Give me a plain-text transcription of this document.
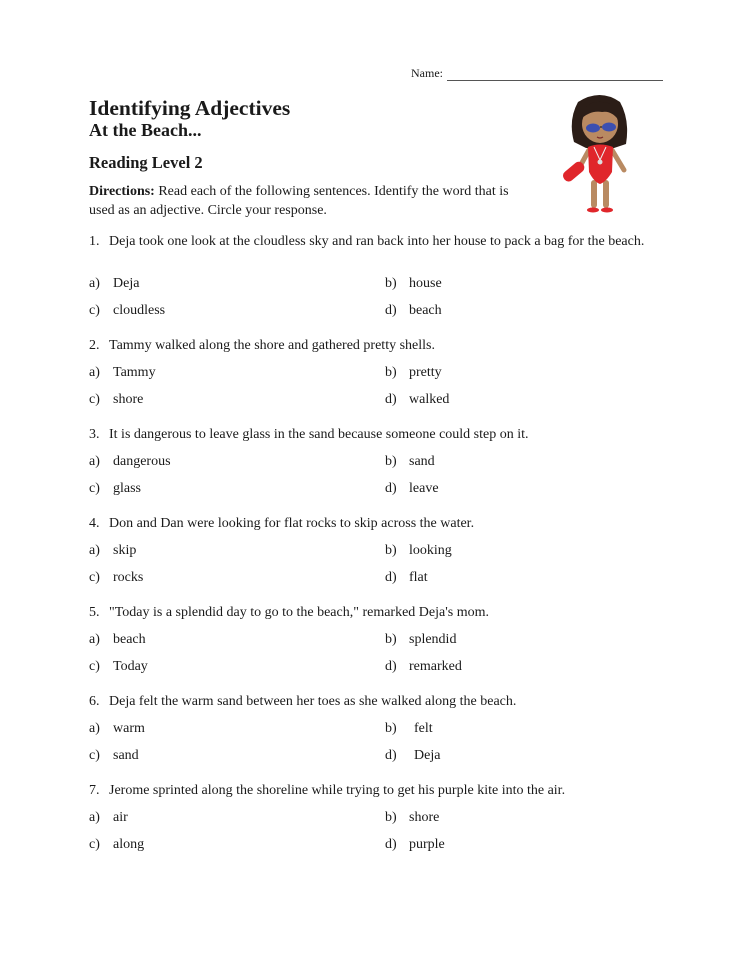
Name:
Identifying Adjectives
At the Beach...
Reading Level 2

Directions: Read each of the following sentences. Identify the word that is used as an adjective. Circle your response.

1. Deja took one look at the cloudless sky and ran back into her house to pack a bag for the beach.
a) Deja	b) house
c) cloudless	d) beach
2. Tammy walked along the shore and gathered pretty shells.
a) Tammy	b) pretty
c) shore	d) walked
3. It is dangerous to leave glass in the sand because someone could step on it.
a) dangerous	b) sand
c) glass	d) leave
4. Don and Dan were looking for flat rocks to skip across the water.
a) skip	b) looking
c) rocks	d) flat
5. "Today is a splendid day to go to the beach," remarked Deja's mom.
a) beach	b) splendid
c) Today	d) remarked
6. Deja felt the warm sand between her toes as she walked along the beach.
a) warm	b)	felt
c) sand	d)	Deja
7. Jerome sprinted along the shoreline while trying to get his purple kite into the air.
a) air	b) shore
c) along	d) purple
